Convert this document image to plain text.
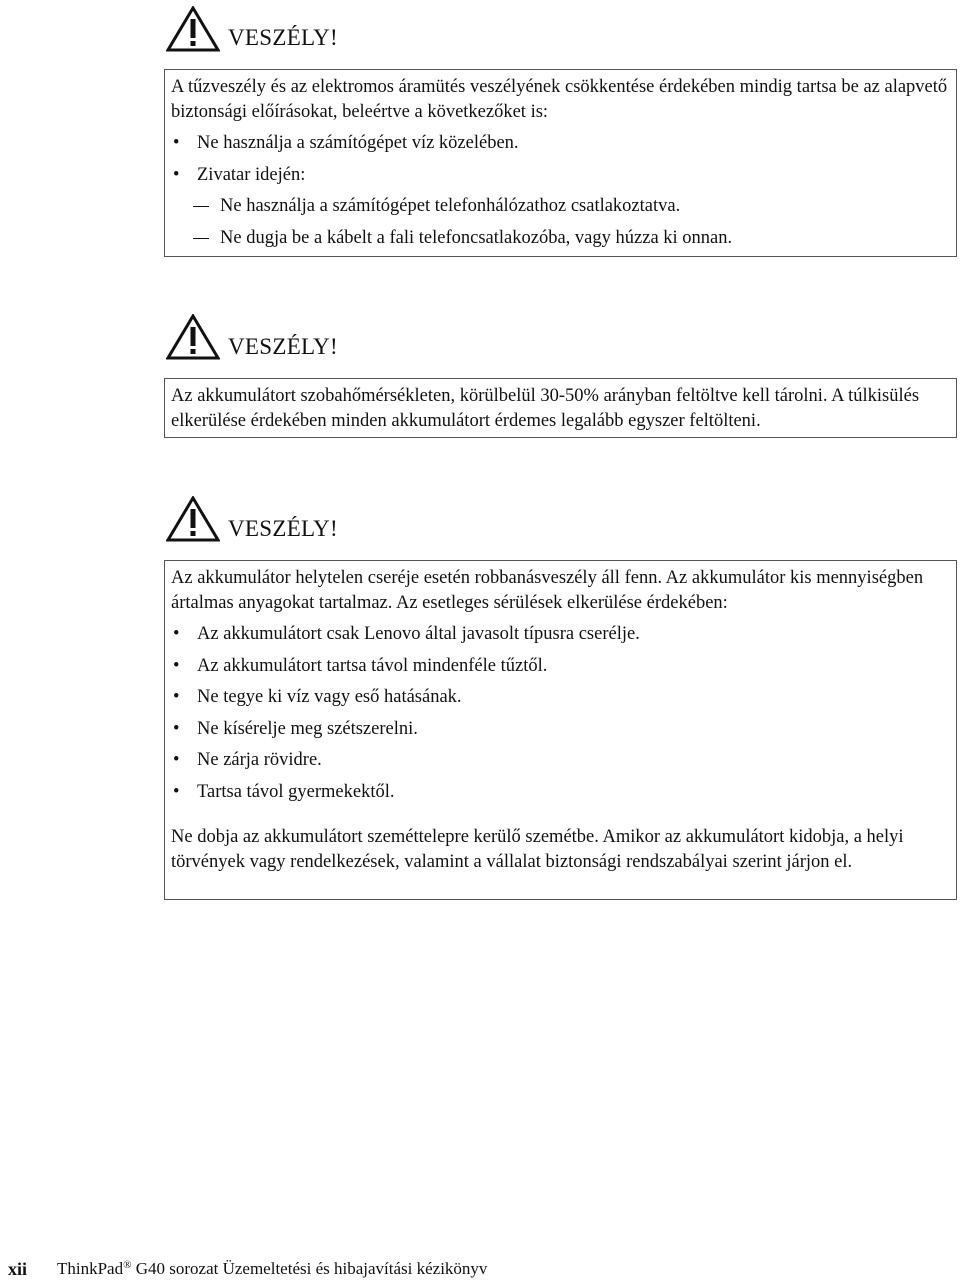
VESZÉLY!

A tűzveszély és az elektromos áramütés veszélyének csökkentése érdekében mindig tartsa be az alapvető biztonsági előírásokat, beleértve a következőket is:

• Ne használja a számítógépet víz közelében.

• Zivatar idején:

Ne használja a számítógépet telefonhálózathoz csatlakoztatva.

Ne dugja be a kábelt a fali telefoncsatlakozóba, vagy húzza ki onnan.

VESZÉLY!

Az akkumulátort szobahőmérsékleten, körülbelül 30-50% arányban feltöltve kell tárolni. A túlkisülés elkerülése érdekében minden akkumulátort érdemes legalább egyszer feltölteni.

VESZÉLY!

Az akkumulátor helytelen cseréje esetén robbanásveszély áll fenn. Az akkumulátor kis mennyiségben ártalmas anyagokat tartalmaz. Az esetleges sérülések elkerülése érdekében:

• Az akkumulátort csak Lenovo által javasolt típusra cserélje.

• Az akkumulátort tartsa távol mindenféle tűztől.

• Ne tegye ki víz vagy eső hatásának.

• Ne kísérelje meg szétszerelni.

• Ne zárja rövidre.

• Tartsa távol gyermekektől.

Ne dobja az akkumulátort szeméttelepre kerülő szemétbe. Amikor az akkumulátort kidobja, a helyi törvények vagy rendelkezések, valamint a vállalat biztonsági rendszabályai szerint járjon el.

xii ThinkPad® G40 sorozat Üzemeltetési és hibajavítási kézikönyv
